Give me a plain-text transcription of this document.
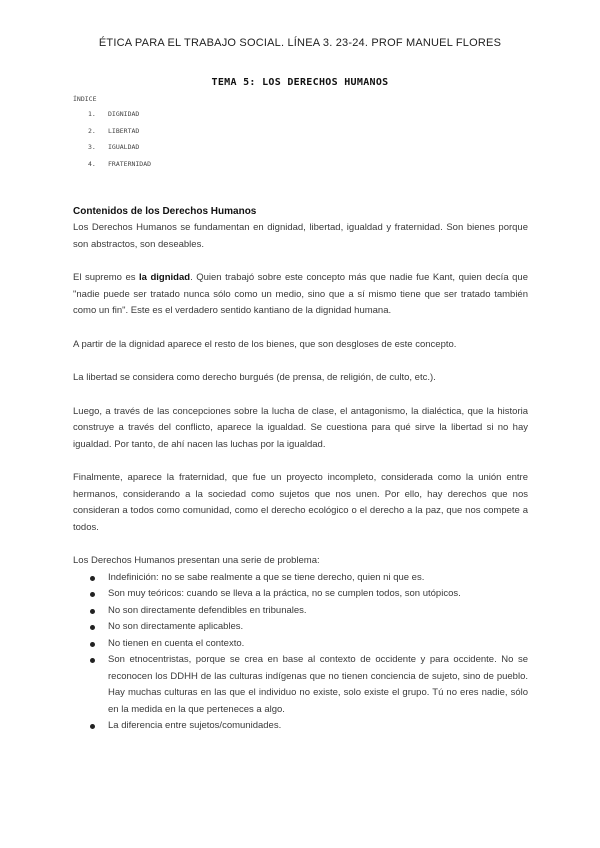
ÉTICA PARA EL TRABAJO SOCIAL. LÍNEA 3. 23-24. PROF MANUEL FLORES
TEMA 5: LOS DERECHOS HUMANOS
ÍNDICE
1.	DIGNIDAD
2.	LIBERTAD
3.	IGUALDAD
4.	FRATERNIDAD
Contenidos de los Derechos Humanos

Los Derechos Humanos se fundamentan en dignidad, libertad, igualdad y fraternidad. Son bienes porque son abstractos, son deseables.

El supremo es la dignidad. Quien trabajó sobre este concepto más que nadie fue Kant, quien decía que "nadie puede ser tratado nunca sólo como un medio, sino que a sí mismo tiene que ser tratado también como un fin". Este es el verdadero sentido kantiano de la dignidad humana.

A partir de la dignidad aparece el resto de los bienes, que son desgloses de este concepto.

La libertad se considera como derecho burgués (de prensa, de religión, de culto, etc.).

Luego, a través de las concepciones sobre la lucha de clase, el antagonismo, la dialéctica, que la historia construye a través del conflicto, aparece la igualdad. Se cuestiona para qué sirve la libertad si no hay igualdad. Por tanto, de ahí nacen las luchas por la igualdad.

Finalmente, aparece la fraternidad, que fue un proyecto incompleto, considerada como la unión entre hermanos, considerando a la sociedad como sujetos que nos unen. Por ello, hay derechos que nos consideran a todos como comunidad, como el derecho ecológico o el derecho a la paz, que nos compete a todos.

Los Derechos Humanos presentan una serie de problema:

Indefinición: no se sabe realmente a que se tiene derecho, quien ni que es.
Son muy teóricos: cuando se lleva a la práctica, no se cumplen todos, son utópicos.
No son directamente defendibles en tribunales.
No son directamente aplicables.
No tienen en cuenta el contexto.
Son etnocentristas, porque se crea en base al contexto de occidente y para occidente. No se reconocen los DDHH de las culturas indígenas que no tienen conciencia de sujeto, sino de pueblo. Hay muchas culturas en las que el individuo no existe, solo existe el grupo. Tú no eres nadie, sólo en la medida en la que perteneces a algo.
La diferencia entre sujetos/comunidades.
